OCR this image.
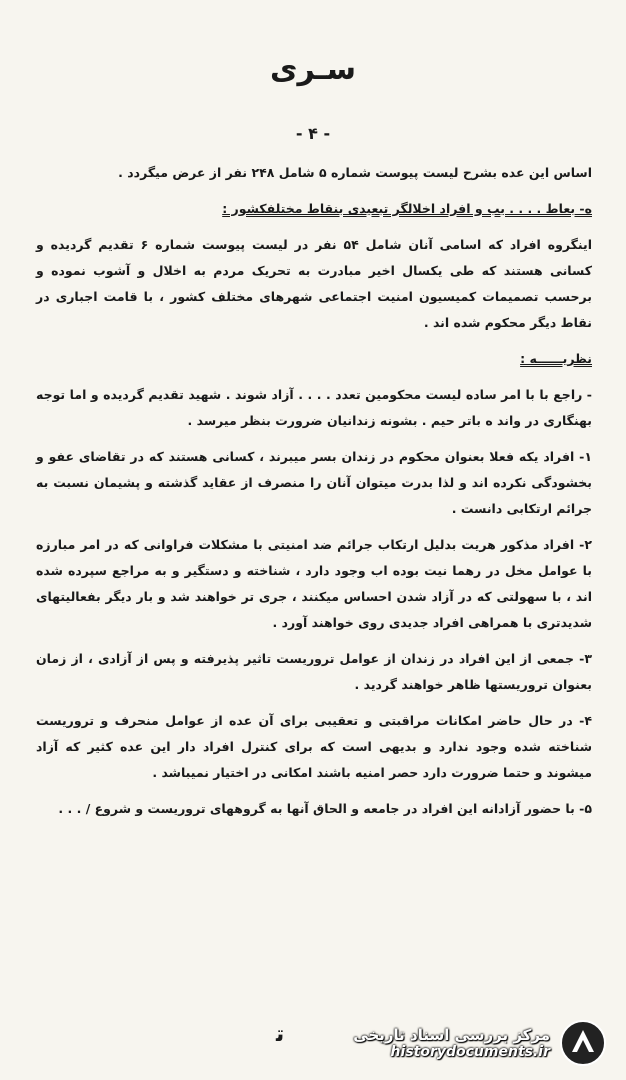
سـری
- ۴ -

اساس این عده بشرح لیست پیوست شماره ۵ شامل ۲۴۸ نفر از عرض میگردد .

ه- بعاط . . . . یب و افراد اخلالگر تبعیدی بنقاط مختلفکشور :

اینگروه افراد که اسامی آنان شامل ۵۴ نفر در لیست پیوست شماره ۶ تقدیم گردیده و کسانی هستند که طی یکسال اخیر مبادرت به تحریک مردم به اخلال و آشوب نموده و برحسب تصمیمات کمیسیون امنیت اجتماعی شهرهای مختلف کشور ، با قامت اجباری در نقاط دیگر محکوم شده اند .

نظریــــــه :

- راجع با با امر ساده لیست محکومین تعدد . . . . آزاد شوند . شهید تقدیم گردیده و اما توجه بهنگاری در واند ه باتر حیم . بشونه زندانیان ضرورت بنظر میرسد .

۱- افراد یکه فعلا بعنوان محکوم در زندان بسر میبرند ، کسانی هستند که در تقاضای عفو و بخشودگی نکرده اند و لذا بدرت میتوان آنان را منصرف از عقاید گذشته و پشیمان نسبت به جرائم ارتکابی دانست .

۲- افراد مذکور هریت بدلیل ارتکاب جرائم ضد امنیتی با مشکلات فراوانی که در امر مبارزه با عوامل مخل در رهما نیت بوده اب وجود دارد ، شناخته و دستگیر و به مراجع سپرده شده اند ، با سهولتی که در آزاد شدن احساس میکنند ، جری تر خواهند شد و بار دیگر بفعالیتهای شدیدتری با همراهی افراد جدیدی روی خواهند آورد .

۳- جمعی از این افراد در زندان از عوامل تروریست تاثیر پذیرفته و پس از آزادی ، از زمان بعنوان تروریستها ظاهر خواهند گردید .

۴- در حال حاضر امکانات مراقبتی و تعقیبی برای آن عده از عوامل منحرف و تروریست شناخته شده وجود ندارد و بدیهی است که برای کنترل افراد دار این عده کثیر که آزاد میشوند و حتما ضرورت دارد حصر امنیه باشند امکانی در اختیار نمیباشد .

۵- با حضور آزادانه این افراد در جامعه و الحاق آنها به گروههای تروریست و شروع / . . .

ﺗ	مرکز بررسی اسناد تاریخی
historydocuments.ir
